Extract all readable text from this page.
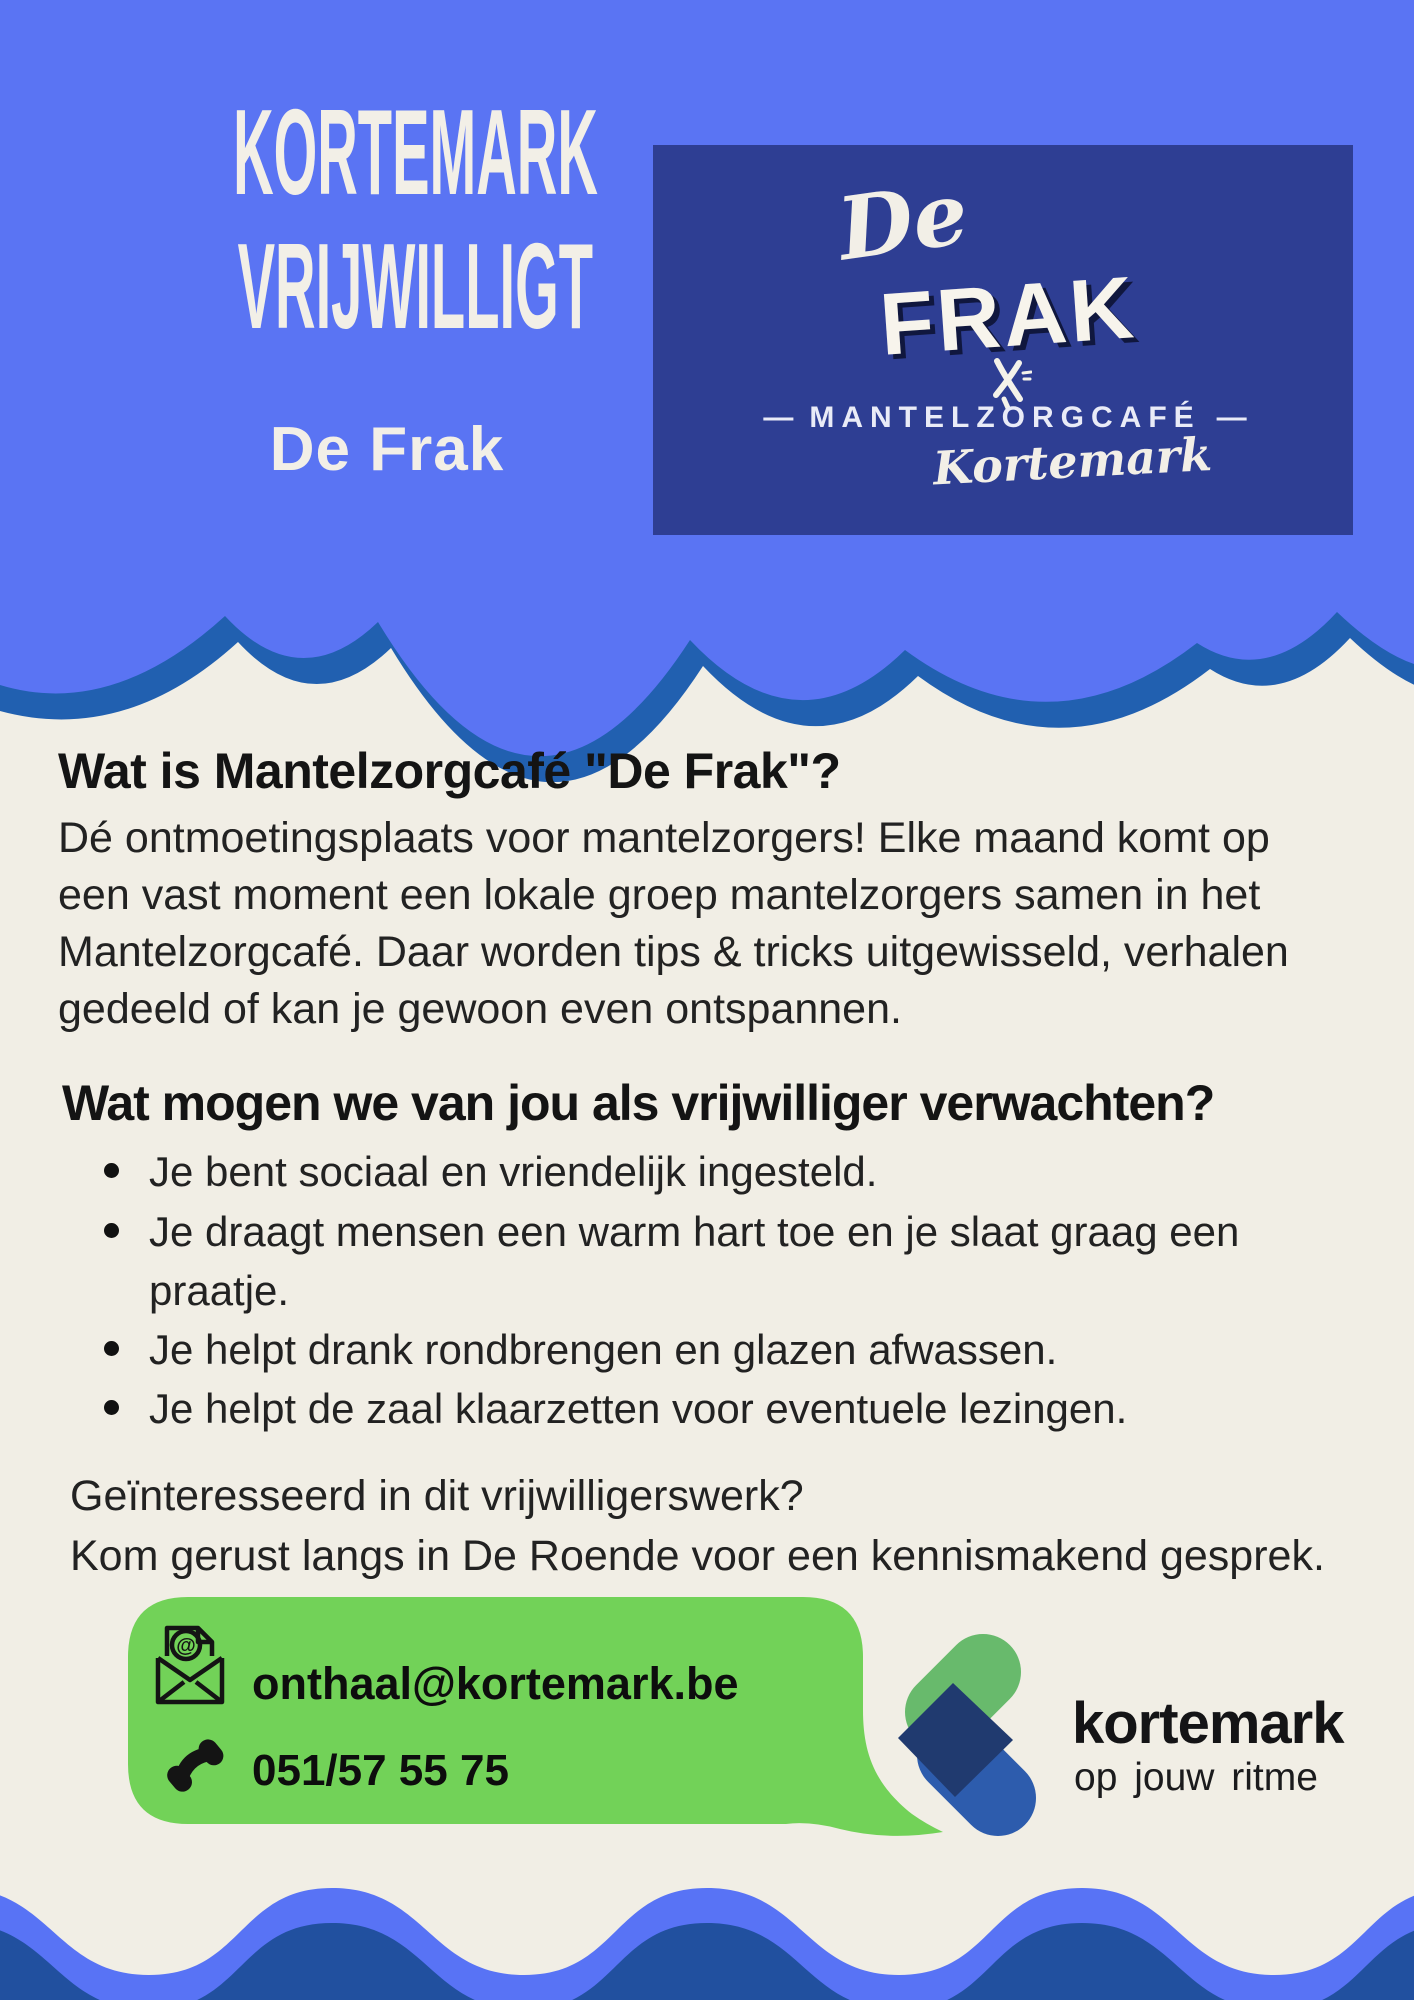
KORTEMARK
VRIJWILLIGT
De Frak
De
FRAK
— MANTELZORGCAFÉ —
Kortemark
Wat is Mantelzorgcafé "De Frak"?
Dé ontmoetingsplaats voor mantelzorgers! Elke maand komt op
een vast moment een lokale groep mantelzorgers samen in het
Mantelzorgcafé. Daar worden tips & tricks uitgewisseld, verhalen
gedeeld of kan je gewoon even ontspannen.
Wat mogen we van jou als vrijwilliger verwachten?
Je bent sociaal en vriendelijk ingesteld.
Je draagt mensen een warm hart toe en je slaat graag een
praatje.
Je helpt drank rondbrengen en glazen afwassen.
Je helpt de zaal klaarzetten voor eventuele lezingen.
Geïnteresseerd in dit vrijwilligerswerk?
Kom gerust langs in De Roende voor een kennismakend gesprek.
@
onthaal@kortemark.be
051/57 55 75
kortemark
op jouw ritme
